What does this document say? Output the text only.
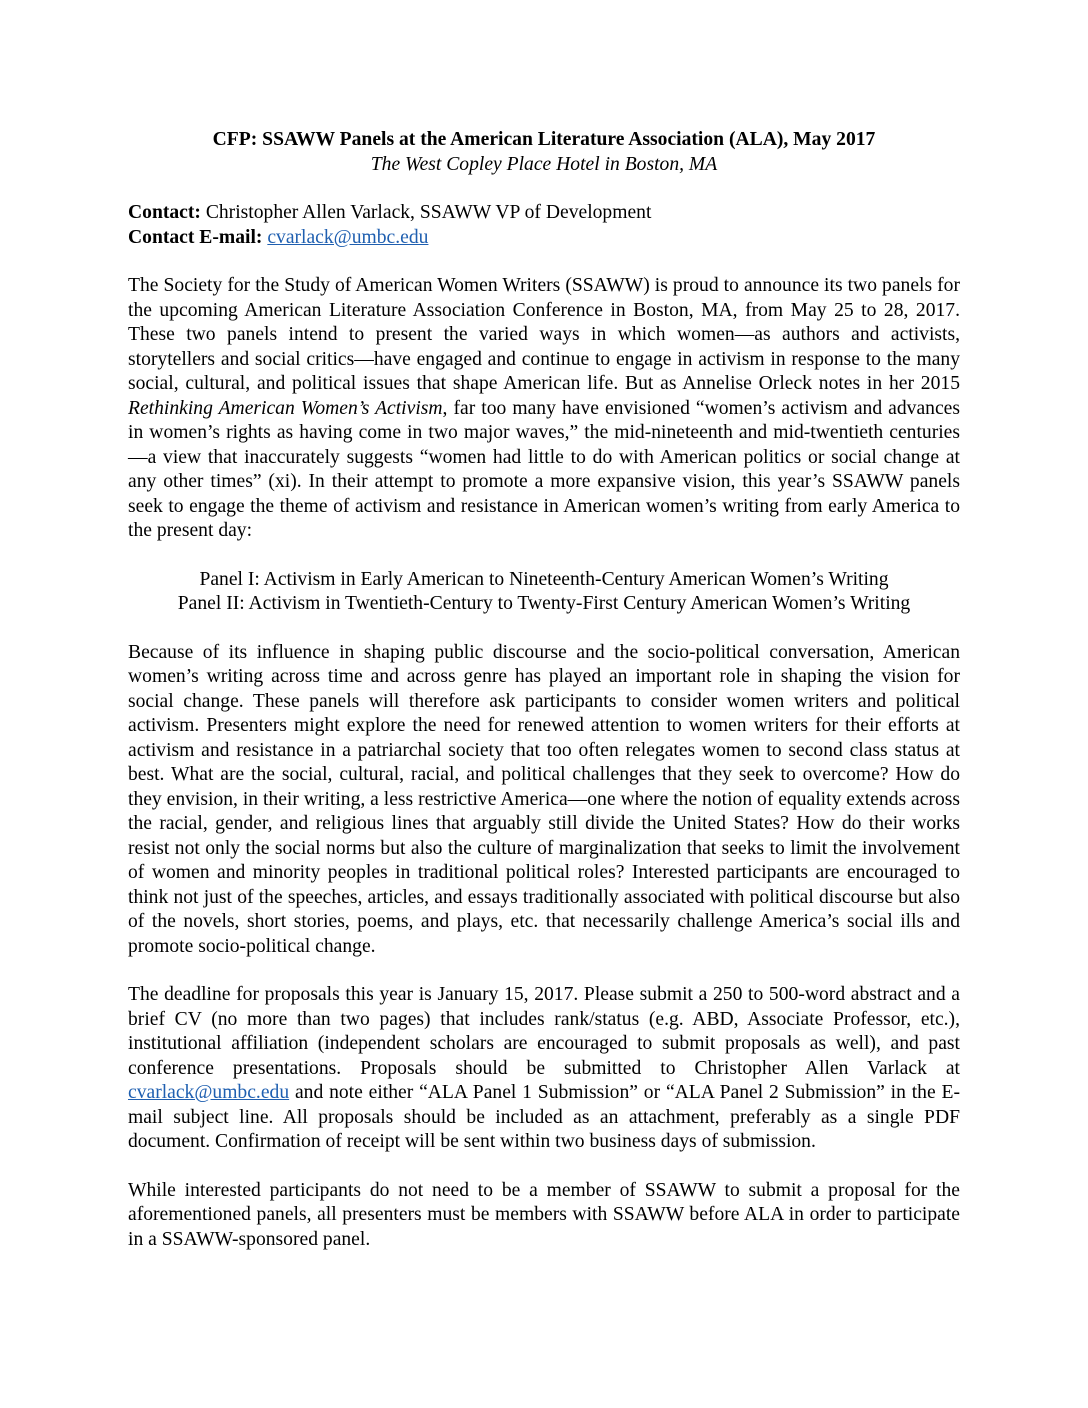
CFP: SSAWW Panels at the American Literature Association (ALA), May 2017
The West Copley Place Hotel in Boston, MA
Contact: Christopher Allen Varlack, SSAWW VP of Development
Contact E-mail: cvarlack@umbc.edu

The Society for the Study of American Women Writers (SSAWW) is proud to announce its two panels for the upcoming American Literature Association Conference in Boston, MA, from May 25 to 28, 2017. These two panels intend to present the varied ways in which women—as authors and activists, storytellers and social critics—have engaged and continue to engage in activism in response to the many social, cultural, and political issues that shape American life. But as Annelise Orleck notes in her 2015 Rethinking American Women’s Activism, far too many have envisioned “women’s activism and advances in women’s rights as having come in two major waves,” the mid-nineteenth and mid-twentieth centuries—a view that inaccurately suggests “women had little to do with American politics or social change at any other times” (xi). In their attempt to promote a more expansive vision, this year’s SSAWW panels seek to engage the theme of activism and resistance in American women’s writing from early America to the present day:

Panel I: Activism in Early American to Nineteenth-Century American Women’s Writing
Panel II: Activism in Twentieth-Century to Twenty-First Century American Women’s Writing

Because of its influence in shaping public discourse and the socio-political conversation, American women’s writing across time and across genre has played an important role in shaping the vision for social change. These panels will therefore ask participants to consider women writers and political activism. Presenters might explore the need for renewed attention to women writers for their efforts at activism and resistance in a patriarchal society that too often relegates women to second class status at best. What are the social, cultural, racial, and political challenges that they seek to overcome? How do they envision, in their writing, a less restrictive America—one where the notion of equality extends across the racial, gender, and religious lines that arguably still divide the United States? How do their works resist not only the social norms but also the culture of marginalization that seeks to limit the involvement of women and minority peoples in traditional political roles? Interested participants are encouraged to think not just of the speeches, articles, and essays traditionally associated with political discourse but also of the novels, short stories, poems, and plays, etc. that necessarily challenge America’s social ills and promote socio-political change.

The deadline for proposals this year is January 15, 2017. Please submit a 250 to 500-word abstract and a brief CV (no more than two pages) that includes rank/status (e.g. ABD, Associate Professor, etc.), institutional affiliation (independent scholars are encouraged to submit proposals as well), and past conference presentations. Proposals should be submitted to Christopher Allen Varlack at cvarlack@umbc.edu and note either “ALA Panel 1 Submission” or “ALA Panel 2 Submission” in the E-mail subject line. All proposals should be included as an attachment, preferably as a single PDF document. Confirmation of receipt will be sent within two business days of submission.

While interested participants do not need to be a member of SSAWW to submit a proposal for the aforementioned panels, all presenters must be members with SSAWW before ALA in order to participate in a SSAWW-sponsored panel.
